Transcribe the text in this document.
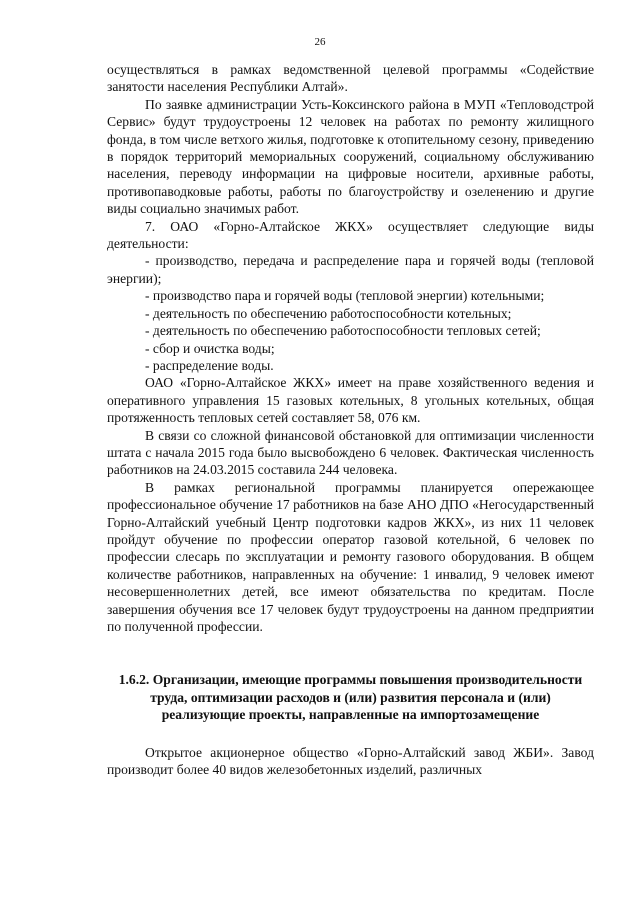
26

осуществляться в рамках ведомственной целевой программы «Содействие занятости населения Республики Алтай».

По заявке администрации Усть-Коксинского района в МУП «Тепловодстрой Сервис» будут трудоустроены 12 человек на работах по ремонту жилищного фонда, в том числе ветхого жилья, подготовке к отопительному сезону, приведению в порядок территорий мемориальных сооружений, социальному обслуживанию населения, переводу информации на цифровые носители, архивные работы, противопаводковые работы, работы по благоустройству и озеленению и другие виды социально значимых работ.

7. ОАО «Горно-Алтайское ЖКХ» осуществляет следующие виды деятельности:

- производство, передача и распределение пара и горячей воды (тепловой энергии);

- производство пара и горячей воды (тепловой энергии) котельными;

- деятельность по обеспечению работоспособности котельных;

- деятельность по обеспечению работоспособности тепловых сетей;

- сбор и очистка воды;

- распределение воды.

ОАО «Горно-Алтайское ЖКХ» имеет на праве хозяйственного ведения и оперативного управления 15 газовых котельных, 8 угольных котельных, общая протяженность тепловых сетей составляет 58, 076 км.

В связи со сложной финансовой обстановкой для оптимизации численности штата с начала 2015 года было высвобождено 6 человек. Фактическая численность работников на 24.03.2015 составила 244 человека.

В рамках региональной программы планируется опережающее профессиональное обучение 17 работников на базе АНО ДПО «Негосударственный Горно-Алтайский учебный Центр подготовки кадров ЖКХ», из них 11 человек пройдут обучение по профессии оператор газовой котельной, 6 человек по профессии слесарь по эксплуатации и ремонту газового оборудования. В общем количестве работников, направленных на обучение: 1 инвалид, 9 человек имеют несовершеннолетних детей, все имеют обязательства по кредитам. После завершения обучения все 17 человек будут трудоустроены на данном предприятии по полученной профессии.

1.6.2. Организации, имеющие программы повышения производительности труда, оптимизации расходов и (или) развития персонала и (или) реализующие проекты, направленные на импортозамещение

Открытое акционерное общество «Горно-Алтайский завод ЖБИ». Завод производит более 40 видов железобетонных изделий, различных
